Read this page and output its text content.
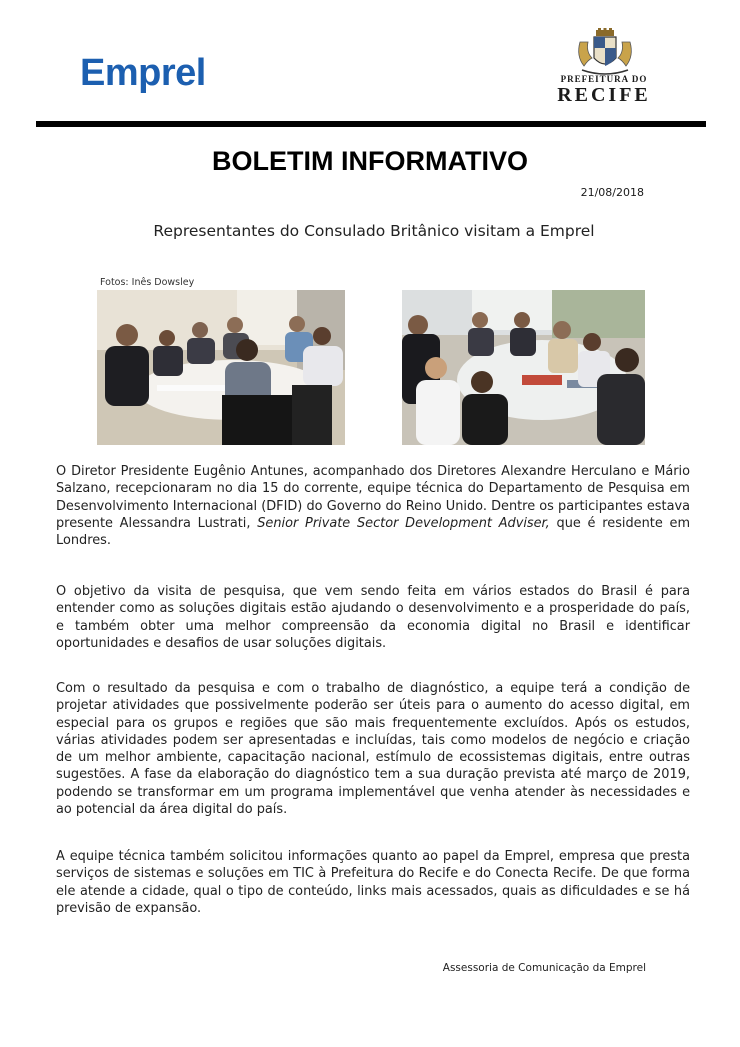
Emprel	PREFEITURA DO
RECIFE
BOLETIM INFORMATIVO
21/08/2018
Representantes do Consulado Britânico visitam a Emprel
Fotos: Inês Dowsley
O Diretor Presidente Eugênio Antunes, acompanhado dos Diretores Alexandre Herculano e Mário Salzano, recepcionaram no dia 15 do corrente, equipe técnica do Departamento de Pesquisa em Desenvolvimento Internacional (DFID) do Governo do Reino Unido. Dentre os participantes estava presente Alessandra Lustrati, Senior Private Sector Development Adviser, que é residente em Londres.
O objetivo da visita de pesquisa, que vem sendo feita em vários estados do Brasil é para entender como as soluções digitais estão ajudando o desenvolvimento e a prosperidade do país, e também obter uma melhor compreensão da economia digital no Brasil e identificar oportunidades e desafios de usar soluções digitais.
Com o resultado da pesquisa e com o trabalho de diagnóstico, a equipe terá a condição de projetar atividades que possivelmente poderão ser úteis para o aumento do acesso digital, em especial para os grupos e regiões que são mais frequentemente excluídos. Após os estudos, várias atividades podem ser apresentadas e incluídas, tais como modelos de negócio e criação de um melhor ambiente, capacitação nacional, estímulo de ecossistemas digitais, entre outras sugestões. A fase da elaboração do diagnóstico tem a sua duração prevista até março de 2019, podendo se transformar em um programa implementável que venha atender às necessidades e ao potencial da área digital do país.
A equipe técnica também solicitou informações quanto ao papel da Emprel, empresa que presta serviços de sistemas e soluções em TIC à Prefeitura do Recife e do Conecta Recife. De que forma ele atende a cidade, qual o tipo de conteúdo, links mais acessados, quais as dificuldades e se há previsão de expansão.
Assessoria de Comunicação da Emprel
